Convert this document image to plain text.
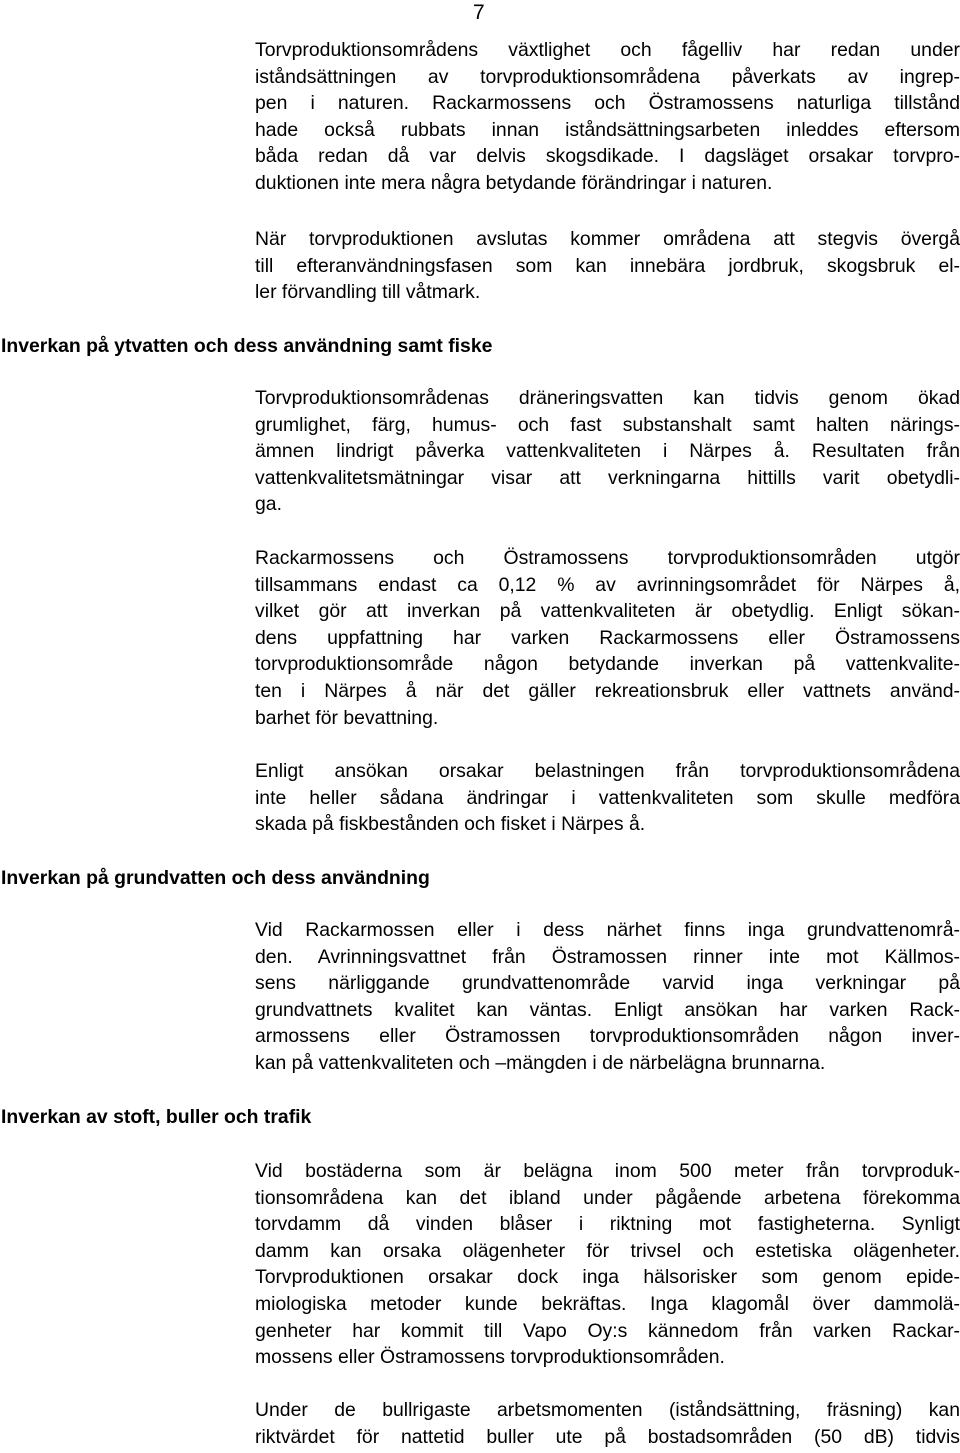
7

Torvproduktionsområdens växtlighet och fågelliv har redan under
iståndsättningen av torvproduktionsområdena påverkats av ingrep-
pen i naturen. Rackarmossens och Östramossens naturliga tillstånd
hade också rubbats innan iståndsättningsarbeten inleddes eftersom
båda redan då var delvis skogsdikade. I dagsläget orsakar torvpro-
duktionen inte mera några betydande förändringar i naturen.

När torvproduktionen avslutas kommer områdena att stegvis övergå
till efteranvändningsfasen som kan innebära jordbruk, skogsbruk el-
ler förvandling till våtmark.

Inverkan på ytvatten och dess användning samt fiske

Torvproduktionsområdenas dräneringsvatten kan tidvis genom ökad
grumlighet, färg, humus- och fast substanshalt samt halten närings-
ämnen lindrigt påverka vattenkvaliteten i Närpes å. Resultaten från
vattenkvalitetsmätningar visar att verkningarna hittills varit obetydli-
ga.

Rackarmossens och Östramossens torvproduktionsområden utgör
tillsammans endast ca 0,12 % av avrinningsområdet för Närpes å,
vilket gör att inverkan på vattenkvaliteten är obetydlig. Enligt sökan-
dens uppfattning har varken Rackarmossens eller Östramossens
torvproduktionsområde någon betydande inverkan på vattenkvalite-
ten i Närpes å när det gäller rekreationsbruk eller vattnets använd-
barhet för bevattning.

Enligt ansökan orsakar belastningen från torvproduktionsområdena
inte heller sådana ändringar i vattenkvaliteten som skulle medföra
skada på fiskbestånden och fisket i Närpes å.

Inverkan på grundvatten och dess användning

Vid Rackarmossen eller i dess närhet finns inga grundvattenområ-
den. Avrinningsvattnet från Östramossen rinner inte mot Källmos-
sens närliggande grundvattenområde varvid inga verkningar på
grundvattnets kvalitet kan väntas. Enligt ansökan har varken Rack-
armossens eller Östramossen torvproduktionsområden någon inver-
kan på vattenkvaliteten och –mängden i de närbelägna brunnarna.

Inverkan av stoft, buller och trafik

Vid bostäderna som är belägna inom 500 meter från torvproduk-
tionsområdena kan det ibland under pågående arbetena förekomma
torvdamm då vinden blåser i riktning mot fastigheterna. Synligt
damm kan orsaka olägenheter för trivsel och estetiska olägenheter.
Torvproduktionen orsakar dock inga hälsorisker som genom epide-
miologiska metoder kunde bekräftas. Inga klagomål över dammolä-
genheter har kommit till Vapo Oy:s kännedom från varken Rackar-
mossens eller Östramossens torvproduktionsområden.

Under de bullrigaste arbetsmomenten (iståndsättning, fräsning) kan
riktvärdet för nattetid buller ute på bostadsområden (50 dB) tidvis
